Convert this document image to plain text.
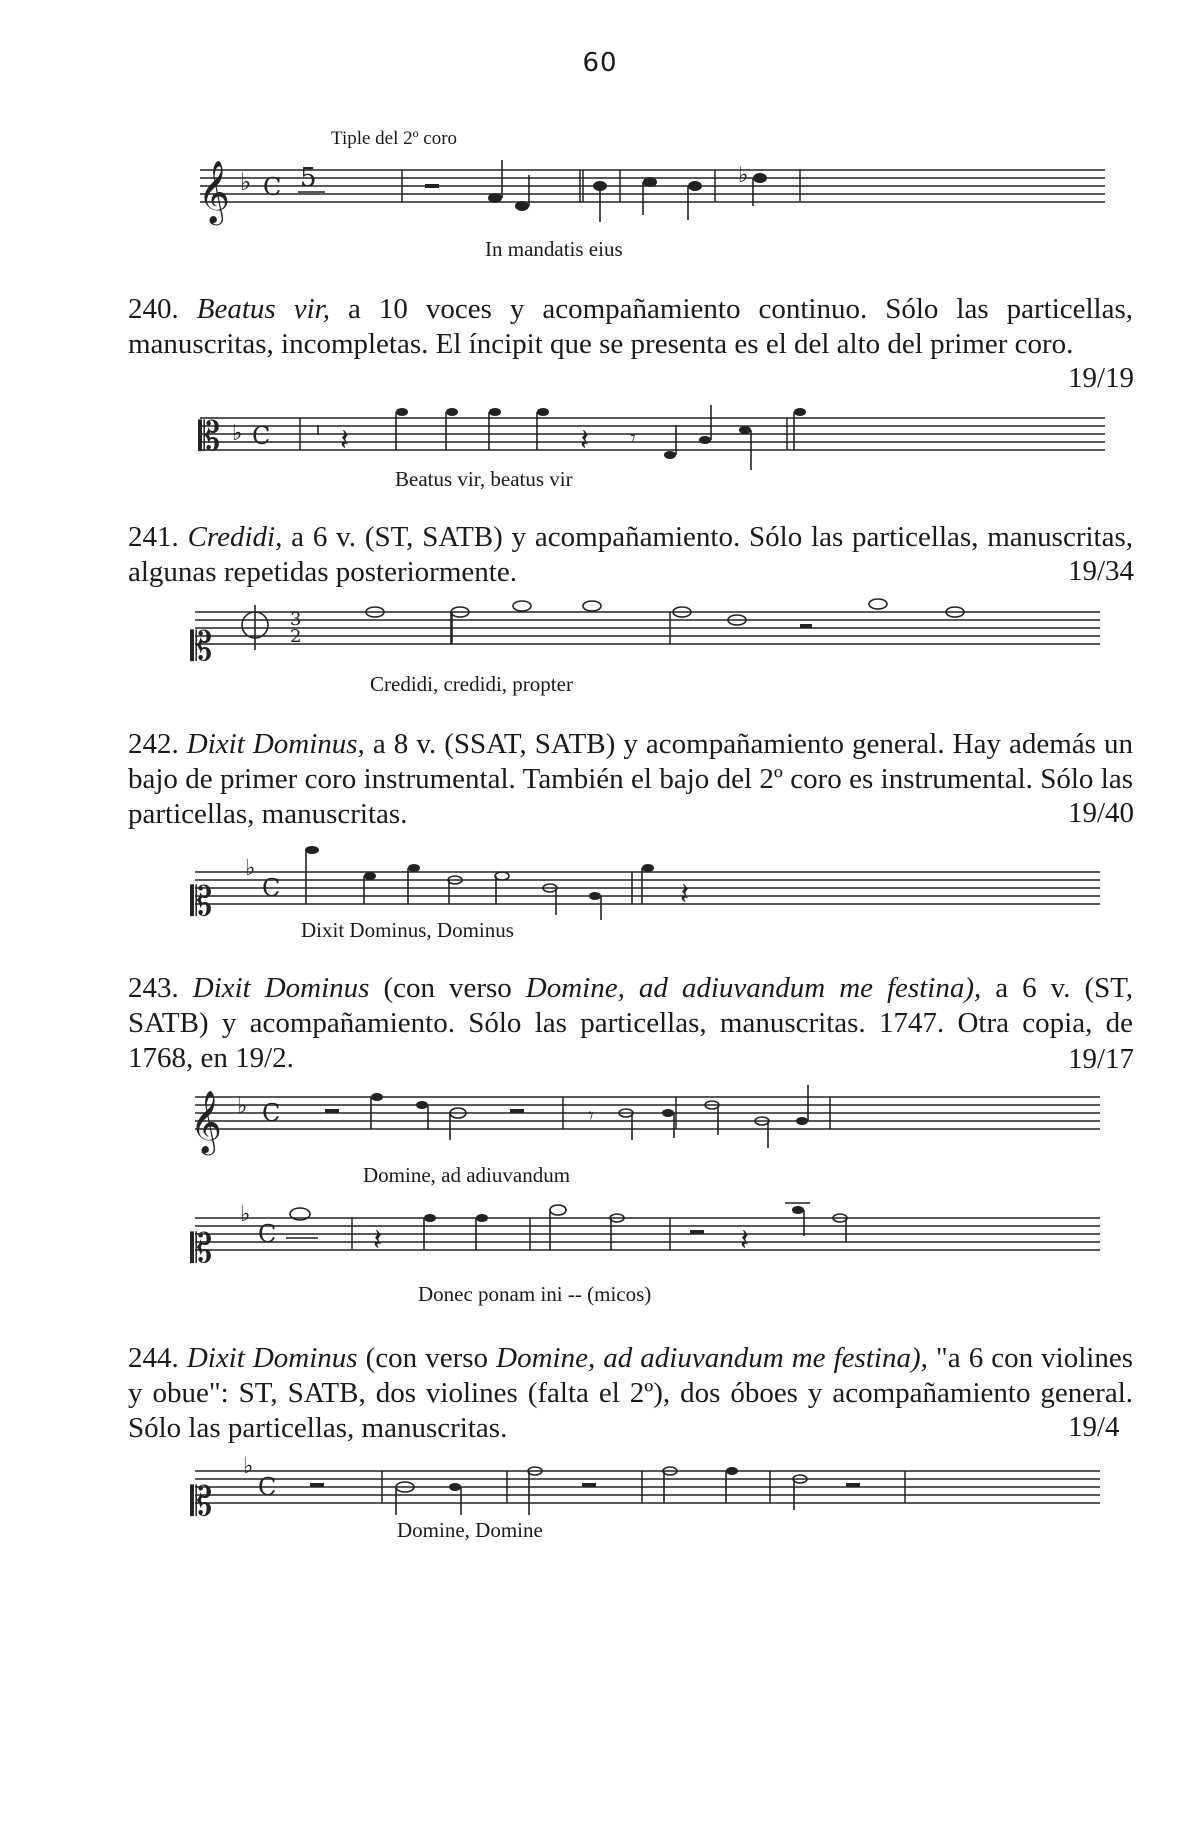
60
Tiple del 2º coro
𝄞 ♭ C 5	♭
In mandatis eius
240. Beatus vir, a 10 voces y acompañamiento continuo. Sólo las particellas, manuscritas, incompletas. El íncipit que se presenta es el del alto del primer coro.
19/19
𝄡 ♭ C 𝄽	𝄽 𝄾
Beatus vir, beatus vir
241. Credidi, a 6 v. (ST, SATB) y acompañamiento. Sólo las particellas, manuscritas, algunas repetidas posteriormente.	19/34
𝄡
3
2
Credidi, credidi, propter
242. Dixit Dominus, a 8 v. (SSAT, SATB) y acompañamiento general. Hay además un bajo de primer coro instrumental. También el bajo del 2º coro es instrumental. Sólo las particellas, manuscritas.	19/40
𝄡
♭
C	𝄽
Dixit Dominus, Dominus
243. Dixit Dominus (con verso Domine, ad adiuvandum me festina), a 6 v. (ST, SATB) y acompañamiento. Sólo las particellas, manuscritas. 1747. Otra copia, de 1768, en 19/2.	19/17
𝄞 ♭ C	𝄾
Domine, ad adiuvandum
𝄡
♭
C	𝄽	𝄽
Donec ponam ini -- (micos)
244. Dixit Dominus (con verso Domine, ad adiuvandum me festina), "a 6 con violines y obue": ST, SATB, dos violines (falta el 2º), dos óboes y acompañamiento general. Sólo las particellas, manuscritas.	19/4
𝄡
♭
C
Domine, Domine
